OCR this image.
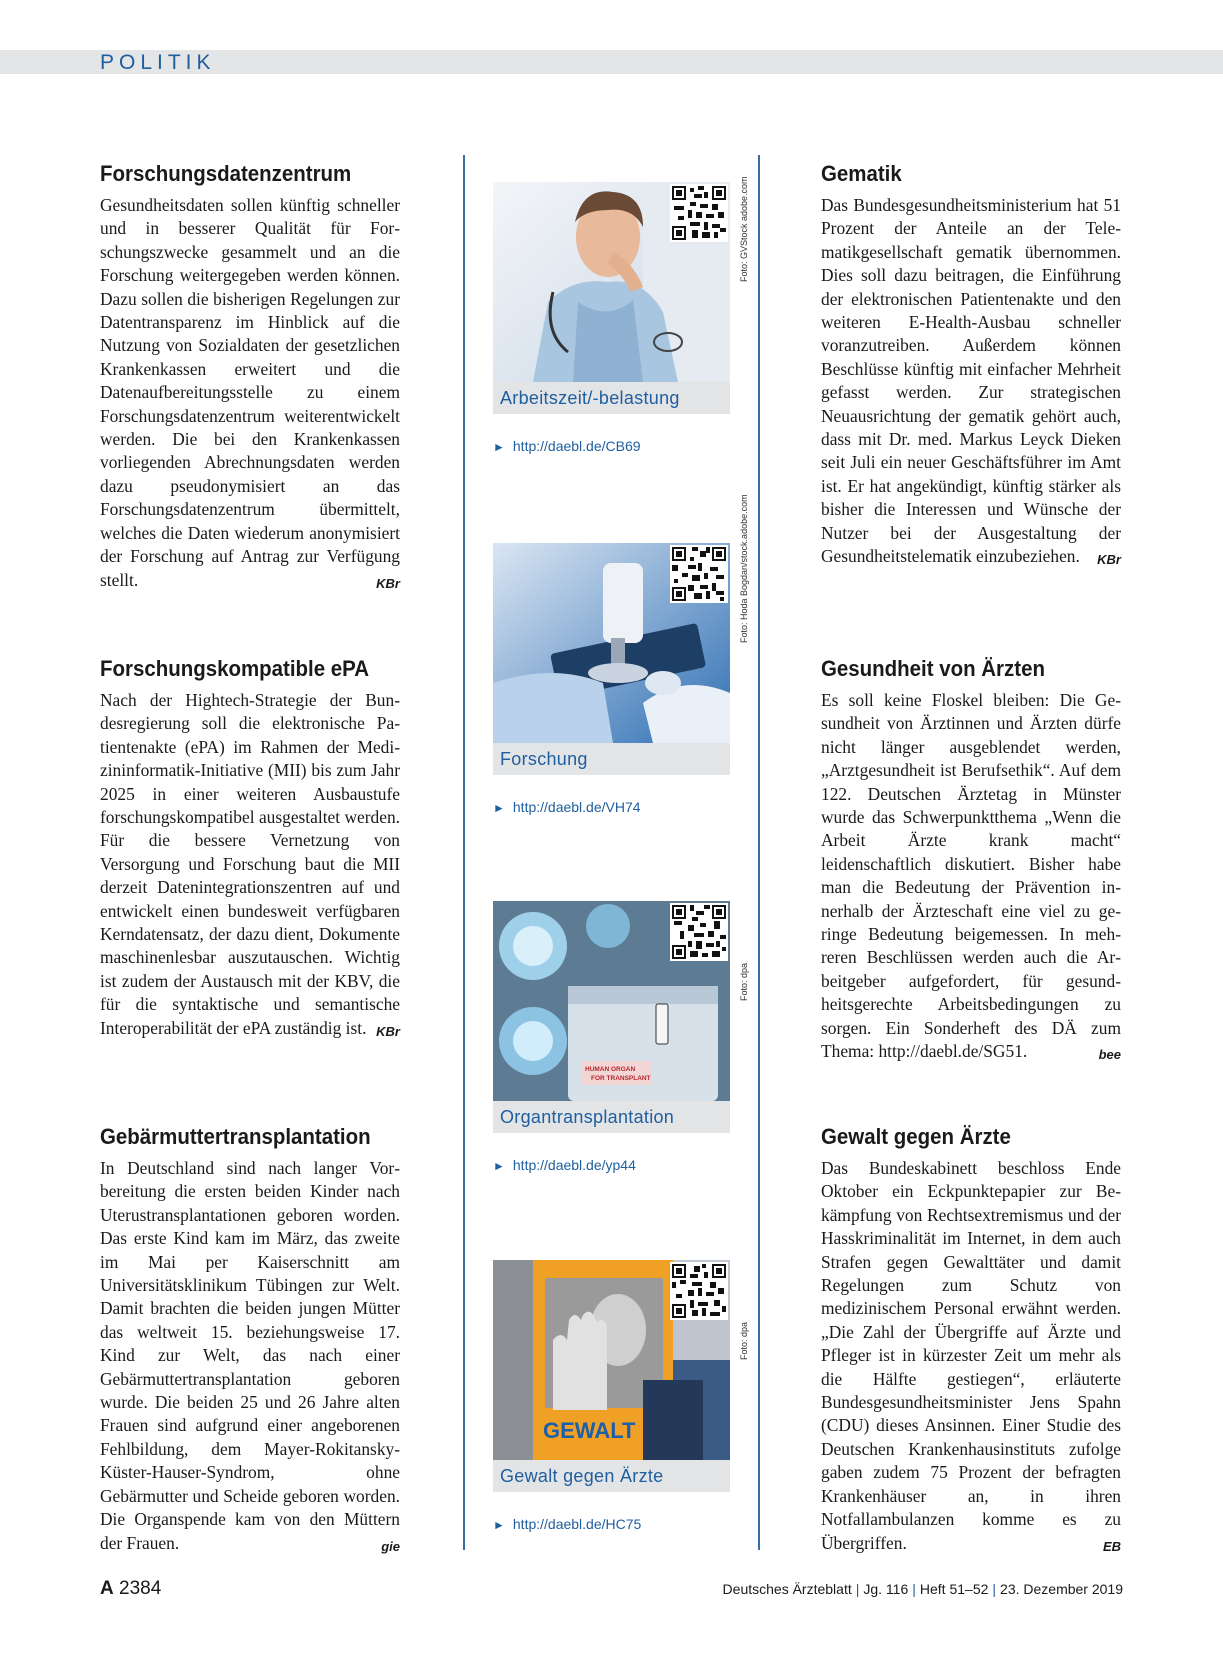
POLITIK
Forschungsdatenzentrum

Gesundheitsdaten sollen künftig schneller und in besserer Qualität für Forschungszwecke gesammelt und an die Forschung weitergegeben werden können. Dazu sollen die bisherigen Regelungen zur Datentransparenz im Hinblick auf die Nutzung von Sozialdaten der gesetzlichen Krankenkassen erweitert und die Datenaufbereitungsstelle zu einem Forschungsdatenzentrum weiterentwickelt werden. Die bei den Krankenkassen vorliegenden Abrechnungsdaten werden dazu pseudonymisiert an das Forschungsdatenzentrum übermittelt, welches die Daten wiederum anonymisiert der Forschung auf Antrag zur Verfügung stellt.	KBr

Forschungskompatible ePA

Nach der Hightech-Strategie der Bundesregierung soll die elektronische Patientenakte (ePA) im Rahmen der Medizininformatik-Initiative (MII) bis zum Jahr 2025 in einer weiteren Ausbaustufe forschungskompatibel ausgestaltet werden. Für die bessere Vernetzung von Versorgung und Forschung baut die MII derzeit Datenintegrationszentren auf und entwickelt einen bundesweit verfügbaren Kerndatensatz, der dazu dient, Dokumente maschinenlesbar auszutauschen. Wichtig ist zudem der Austausch mit der KBV, die für die syntaktische und semantische Interoperabilität der ePA zuständig ist. KBr

Gebärmuttertransplantation

In Deutschland sind nach langer Vorbereitung die ersten beiden Kinder nach Uterustransplantationen geboren worden. Das erste Kind kam im März, das zweite im Mai per Kaiserschnitt am Universitätsklinikum Tübingen zur Welt. Damit brachten die beiden jungen Mütter das weltweit 15. beziehungsweise 17. Kind zur Welt, das nach einer Gebärmuttertransplantation geboren wurde. Die beiden 25 und 26 Jahre alten Frauen sind aufgrund einer angeborenen Fehlbildung, dem Mayer-Rokitansky-Küster-Hauser-Syndrom, ohne Gebärmutter und Scheide geboren worden. Die Organspende kam von den Müttern der Frauen.	gie

Arbeitszeit/-belastung
Foto: GVStock adobe.com
► http://daebl.de/CB69
Forschung
Foto: Hoda Bogdan/stock.adobe.com
► http://daebl.de/VH74
HUMAN ORGAN
FOR TRANSPLANT
Organtransplantation
Foto: dpa
► http://daebl.de/yp44
GEWALT
Gewalt gegen Ärzte
Foto: dpa
► http://daebl.de/HC75
Gematik

Das Bundesgesundheitsministerium hat 51 Prozent der Anteile an der Telematikgesellschaft gematik übernommen. Dies soll dazu beitragen, die Einführung der elektronischen Patientenakte und den weiteren E-Health-Ausbau schneller voranzutreiben. Außerdem können Beschlüsse künftig mit einfacher Mehrheit gefasst werden. Zur strategischen Neuausrichtung der gematik gehört auch, dass mit Dr. med. Markus Leyck Dieken seit Juli ein neuer Geschäftsführer im Amt ist. Er hat angekündigt, künftig stärker als bisher die Interessen und Wünsche der Nutzer bei der Ausgestaltung der Gesundheitstelematik einzubeziehen. KBr

Gesundheit von Ärzten

Es soll keine Floskel bleiben: Die Gesundheit von Ärztinnen und Ärzten dürfe nicht länger ausgeblendet werden, „Arztgesundheit ist Berufsethik“. Auf dem 122. Deutschen Ärztetag in Münster wurde das Schwerpunktthema „Wenn die Arbeit Ärzte krank macht“ leidenschaftlich diskutiert. Bisher habe man die Bedeutung der Prävention innerhalb der Ärzteschaft eine viel zu geringe Bedeutung beigemessen. In mehreren Beschlüssen werden auch die Arbeitgeber aufgefordert, für gesundheitsgerechte Arbeitsbedingungen zu sorgen. Ein Sonderheft des DÄ zum Thema: http://daebl.de/SG51.	bee

Gewalt gegen Ärzte

Das Bundeskabinett beschloss Ende Oktober ein Eckpunktepapier zur Bekämpfung von Rechtsextremismus und der Hasskriminalität im Internet, in dem auch Strafen gegen Gewalttäter und damit Regelungen zum Schutz von medizinischem Personal erwähnt werden. „Die Zahl der Übergriffe auf Ärzte und Pfleger ist in kürzester Zeit um mehr als die Hälfte gestiegen“, erläuterte Bundesgesundheitsminister Jens Spahn (CDU) dieses Ansinnen. Einer Studie des Deutschen Krankenhausinstituts zufolge gaben zudem 75 Prozent der befragten Krankenhäuser an, in ihren Notfallambulanzen komme es zu Übergriffen.	EB

A 2384	Deutsches Ärzteblatt | Jg. 116 | Heft 51–52 | 23. Dezember 2019
